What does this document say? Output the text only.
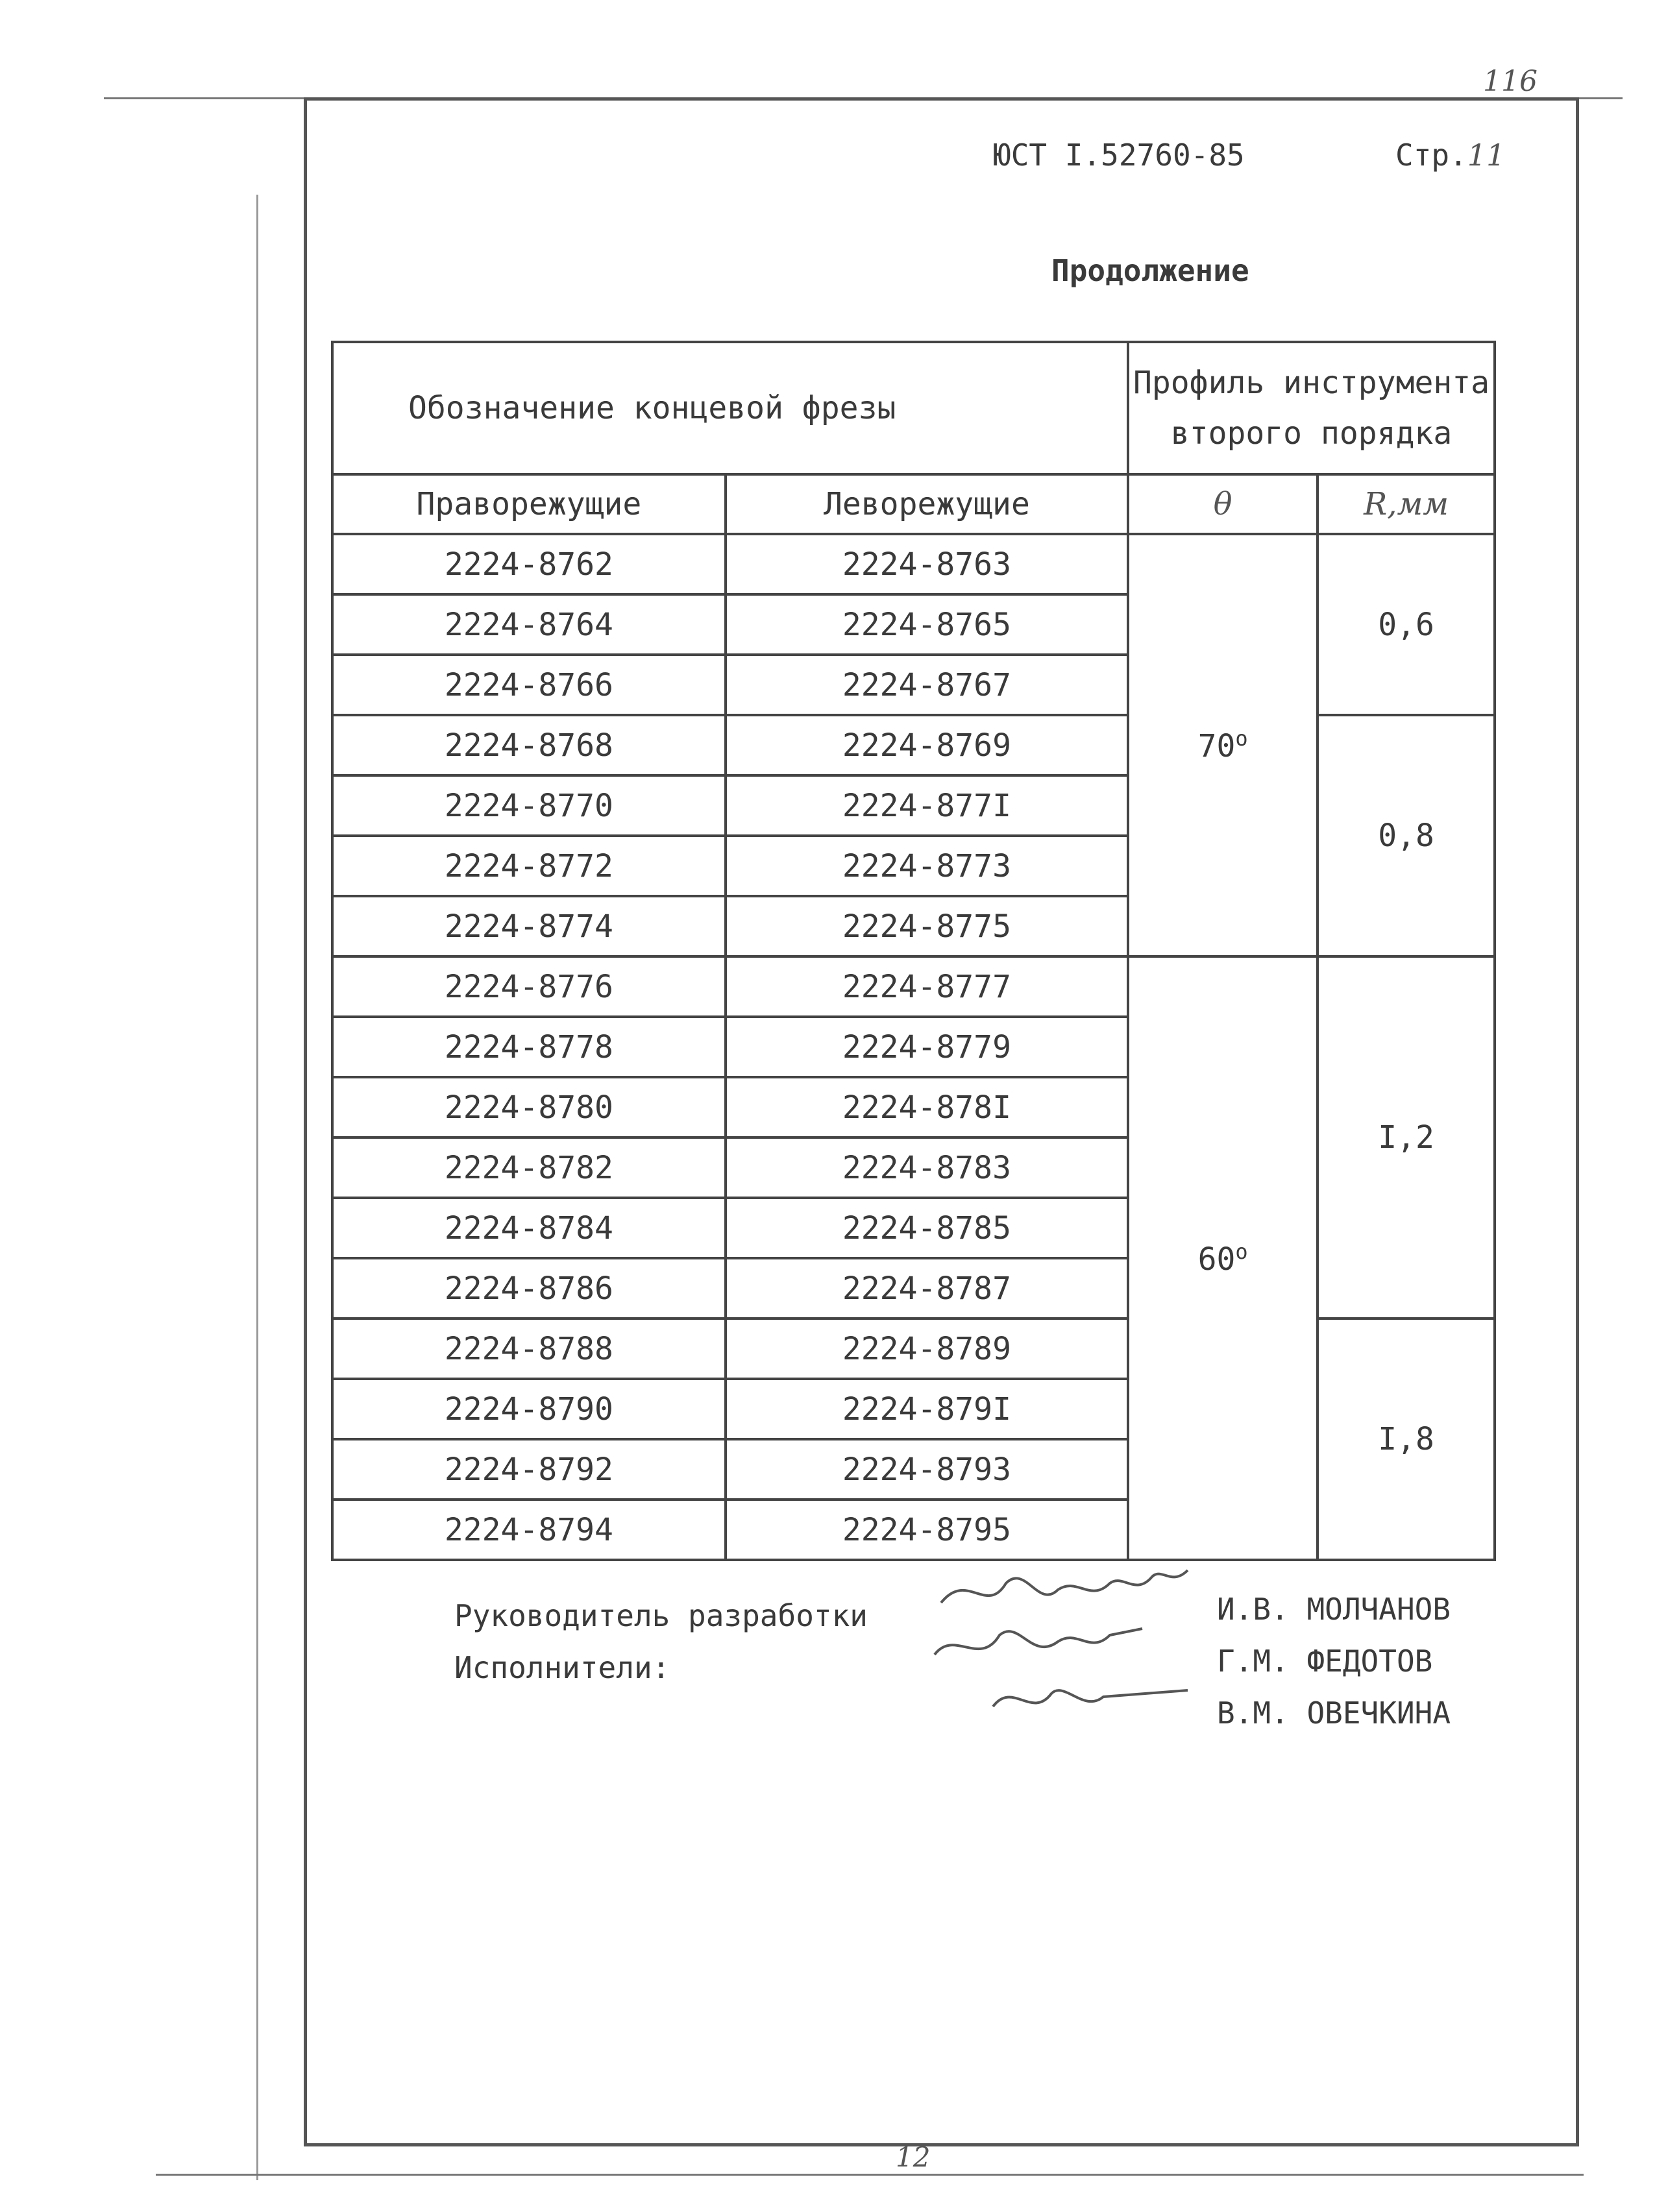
116
ЮСТ I.52760-85	Стр.11
Продолжение
Обозначение концевой фрезы		Профиль инструмента
второго порядка	

Праворежущие	Леворежущие	θ	R,мм
2224-8762	2224-8763	70$^o$	0,6
2224-8764	2224-8765		
2224-8766	2224-8767		
2224-8768	2224-8769		0,8
2224-8770	2224-877I		
2224-8772	2224-8773		
2224-8774	2224-8775		
2224-8776	2224-8777	60$^o$	I,2
2224-8778	2224-8779		
2224-8780	2224-878I		
2224-8782	2224-8783		
2224-8784	2224-8785		
2224-8786	2224-8787		
2224-8788	2224-8789		I,8
2224-8790	2224-879I		
2224-8792	2224-8793		
2224-8794	2224-8795		
Руководитель разработки
Исполнители:
И.В. МОЛЧАНОВ
Г.М. ФЕДОТОВ
В.М. ОВЕЧКИНА
12
